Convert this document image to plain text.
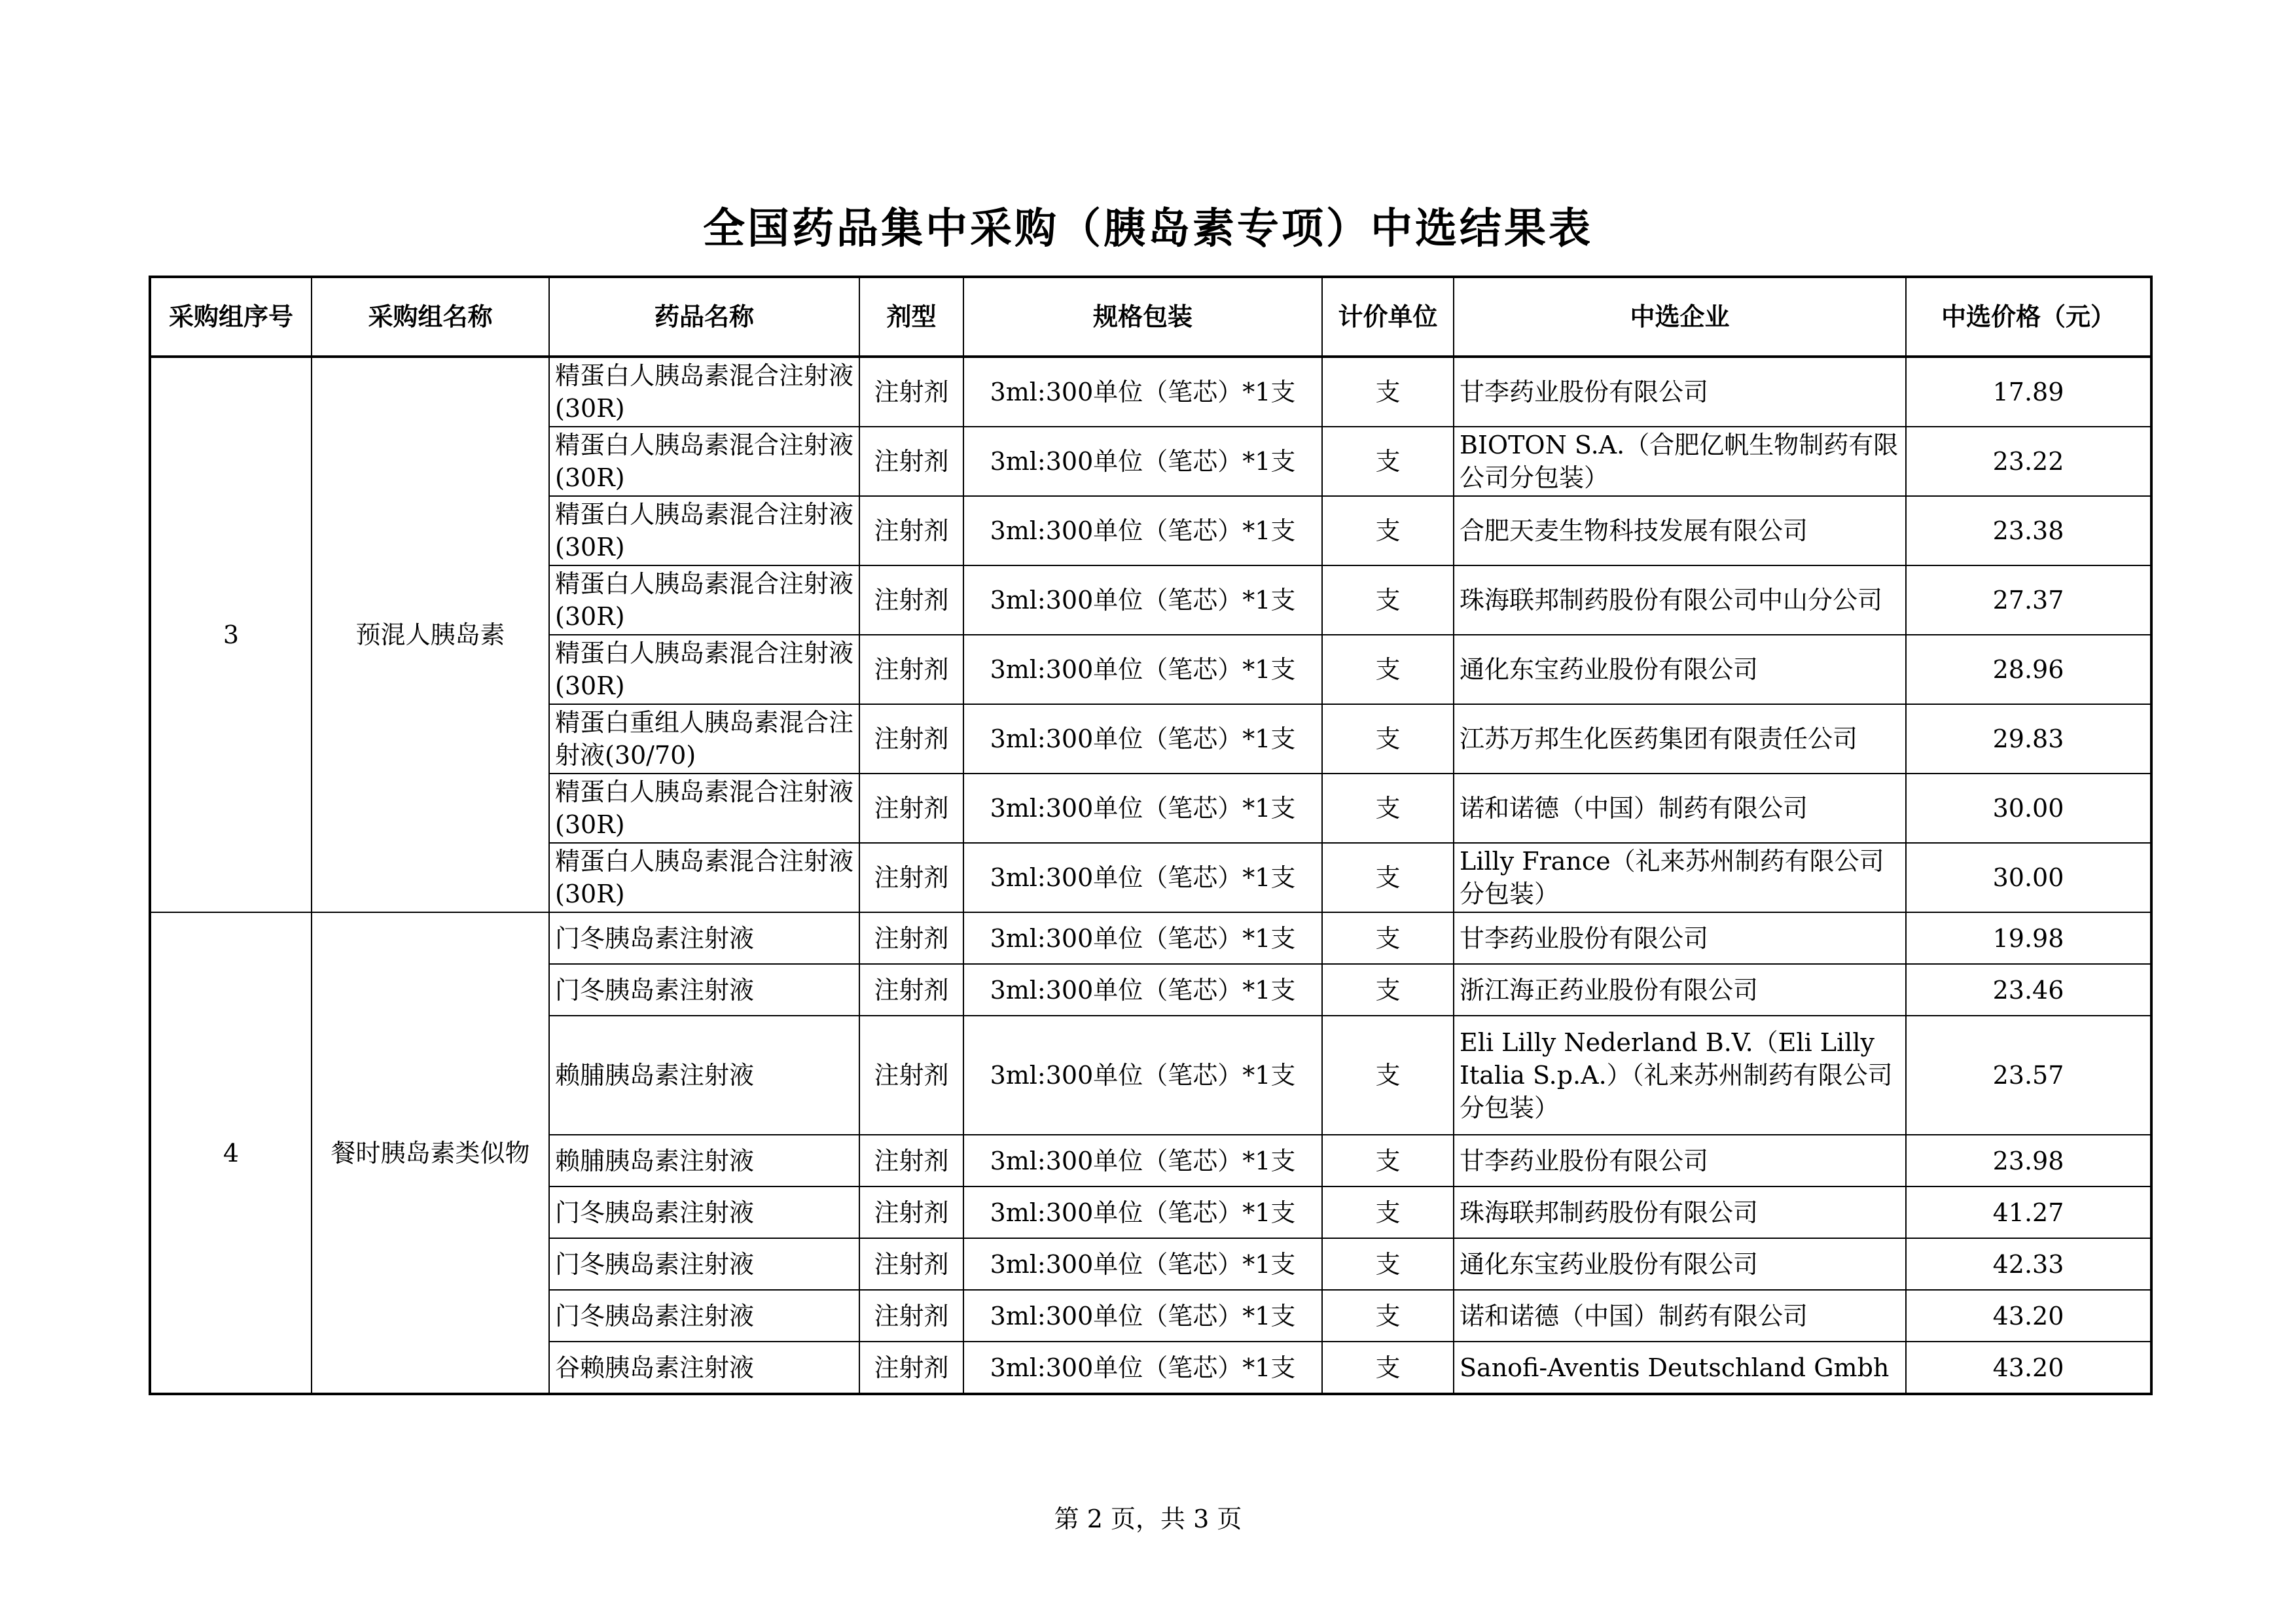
全国药品集中采购（胰岛素专项）中选结果表
采购组序号	采购组名称	药品名称	剂型	规格包装	计价单位	中选企业	中选价格（元）
3	预混人胰岛素	精蛋白人胰岛素混合注射液(30R)	注射剂	3ml:300单位（笔芯）*1支	支	甘李药业股份有限公司	17.89
		精蛋白人胰岛素混合注射液(30R)	注射剂	3ml:300单位（笔芯）*1支	支	BIOTON S.A.（合肥亿帆生物制药有限公司分包装）	23.22
		精蛋白人胰岛素混合注射液(30R)	注射剂	3ml:300单位（笔芯）*1支	支	合肥天麦生物科技发展有限公司	23.38
		精蛋白人胰岛素混合注射液(30R)	注射剂	3ml:300单位（笔芯）*1支	支	珠海联邦制药股份有限公司中山分公司	27.37
		精蛋白人胰岛素混合注射液(30R)	注射剂	3ml:300单位（笔芯）*1支	支	通化东宝药业股份有限公司	28.96
		精蛋白重组人胰岛素混合注射液(30/70)	注射剂	3ml:300单位（笔芯）*1支	支	江苏万邦生化医药集团有限责任公司	29.83
		精蛋白人胰岛素混合注射液(30R)	注射剂	3ml:300单位（笔芯）*1支	支	诺和诺德（中国）制药有限公司	30.00
		精蛋白人胰岛素混合注射液(30R)	注射剂	3ml:300单位（笔芯）*1支	支	Lilly France（礼来苏州制药有限公司分包装）	30.00
4	餐时胰岛素类似物	门冬胰岛素注射液	注射剂	3ml:300单位（笔芯）*1支	支	甘李药业股份有限公司	19.98
		门冬胰岛素注射液	注射剂	3ml:300单位（笔芯）*1支	支	浙江海正药业股份有限公司	23.46
		赖脯胰岛素注射液	注射剂	3ml:300单位（笔芯）*1支	支	Eli Lilly Nederland B.V.（Eli Lilly Italia S.p.A.）（礼来苏州制药有限公司分包装）	23.57
		赖脯胰岛素注射液	注射剂	3ml:300单位（笔芯）*1支	支	甘李药业股份有限公司	23.98
		门冬胰岛素注射液	注射剂	3ml:300单位（笔芯）*1支	支	珠海联邦制药股份有限公司	41.27
		门冬胰岛素注射液	注射剂	3ml:300单位（笔芯）*1支	支	通化东宝药业股份有限公司	42.33
		门冬胰岛素注射液	注射剂	3ml:300单位（笔芯）*1支	支	诺和诺德（中国）制药有限公司	43.20
		谷赖胰岛素注射液	注射剂	3ml:300单位（笔芯）*1支	支	Sanofi-Aventis Deutschland Gmbh	43.20
第 2 页，共 3 页
